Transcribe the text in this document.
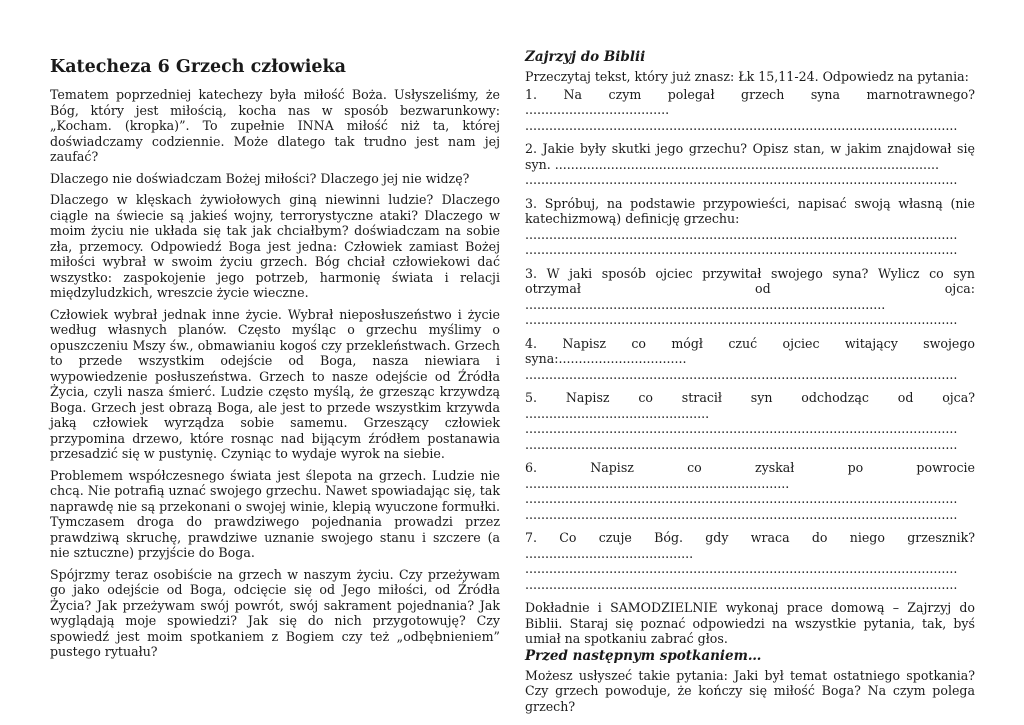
Katecheza 6 Grzech człowieka

Tematem poprzedniej katechezy była miłość Boża. Usłyszeliśmy, że Bóg, który jest miłością, kocha nas w sposób bezwarunkowy: „Kocham. (kropka)”. To zupełnie INNA miłość niż ta, której doświadczamy codziennie. Może dlatego tak trudno jest nam jej zaufać?

Dlaczego nie doświadczam Bożej miłości? Dlaczego jej nie widzę?

Dlaczego w klęskach żywiołowych giną niewinni ludzie? Dlaczego ciągle na świecie są jakieś wojny, terrorystyczne ataki? Dlaczego w moim życiu nie układa się tak jak chciałbym? doświadczam na sobie zła, przemocy. Odpowiedź Boga jest jedna: Człowiek zamiast Bożej miłości wybrał w swoim życiu grzech. Bóg chciał człowiekowi dać wszystko: zaspokojenie jego potrzeb, harmonię świata i relacji międzyludzkich, wreszcie życie wieczne.

Człowiek wybrał jednak inne życie. Wybrał nieposłuszeństwo i życie według własnych planów. Często myśląc o grzechu myślimy o opuszczeniu Mszy św., obmawianiu kogoś czy przekleństwach. Grzech to przede wszystkim odejście od Boga, nasza niewiara i wypowiedzenie posłuszeństwa. Grzech to nasze odejście od Źródła Życia, czyli nasza śmierć. Ludzie często myślą, że grzesząc krzywdzą Boga. Grzech jest obrazą Boga, ale jest to przede wszystkim krzywda jaką człowiek wyrządza sobie samemu. Grzeszący człowiek przypomina drzewo, które rosnąc nad bijącym źródłem postanawia przesadzić się w pustynię. Czyniąc to wydaje wyrok na siebie.

Problemem współczesnego świata jest ślepota na grzech. Ludzie nie chcą. Nie potrafią uznać swojego grzechu. Nawet spowiadając się, tak naprawdę nie są przekonani o swojej winie, klepią wyuczone formułki. Tymczasem droga do prawdziwego pojednania prowadzi przez prawdziwą skruchę, prawdziwe uznanie swojego stanu i szczere (a nie sztuczne) przyjście do Boga.

Spójrzmy teraz osobiście na grzech w naszym życiu. Czy przeżywam go jako odejście od Boga, odcięcie się od Jego miłości, od Źródła Życia? Jak przeżywam swój powrót, swój sakrament pojednania? Jak wyglądają moje spowiedzi? Jak się do nich przygotowuję? Czy spowiedź jest moim spotkaniem z Bogiem czy też „odbębnieniem” pustego rytuału?

Zajrzyj do Biblii
Przeczytaj tekst, który już znasz: Łk 15,11-24. Odpowiedz na pytania:
1. Na czym polegał grzech syna marnotrawnego? ....................................
............................................................................................................
2. Jakie były skutki jego grzechu? Opisz stan, w jakim znajdował się syn. ................................................................................................
............................................................................................................
3. Spróbuj, na podstawie przypowieści, napisać swoją własną (nie katechizmową) definicję grzechu:
............................................................................................................
............................................................................................................
3. W jaki sposób ojciec przywitał swojego syna? Wylicz co syn otrzymał od ojca: ..........................................................................................
............................................................................................................
4. Napisz co mógł czuć ojciec witający swojego syna:................................
............................................................................................................
5. Napisz co stracił syn odchodząc od ojca? ..............................................
............................................................................................................
............................................................................................................
6. Napisz co zyskał po powrocie ..................................................................
............................................................................................................
............................................................................................................
7. Co czuje Bóg. gdy wraca do niego grzesznik? ..........................................
............................................................................................................
............................................................................................................

Dokładnie i SAMODZIELNIE wykonaj prace domową – Zajrzyj do Biblii. Staraj się poznać odpowiedzi na wszystkie pytania, tak, byś umiał na spotkaniu zabrać głos.

Przed następnym spotkaniem…

Możesz usłyszeć takie pytania: Jaki był temat ostatniego spotkania? Czy grzech powoduje, że kończy się miłość Boga? Na czym polega grzech?
